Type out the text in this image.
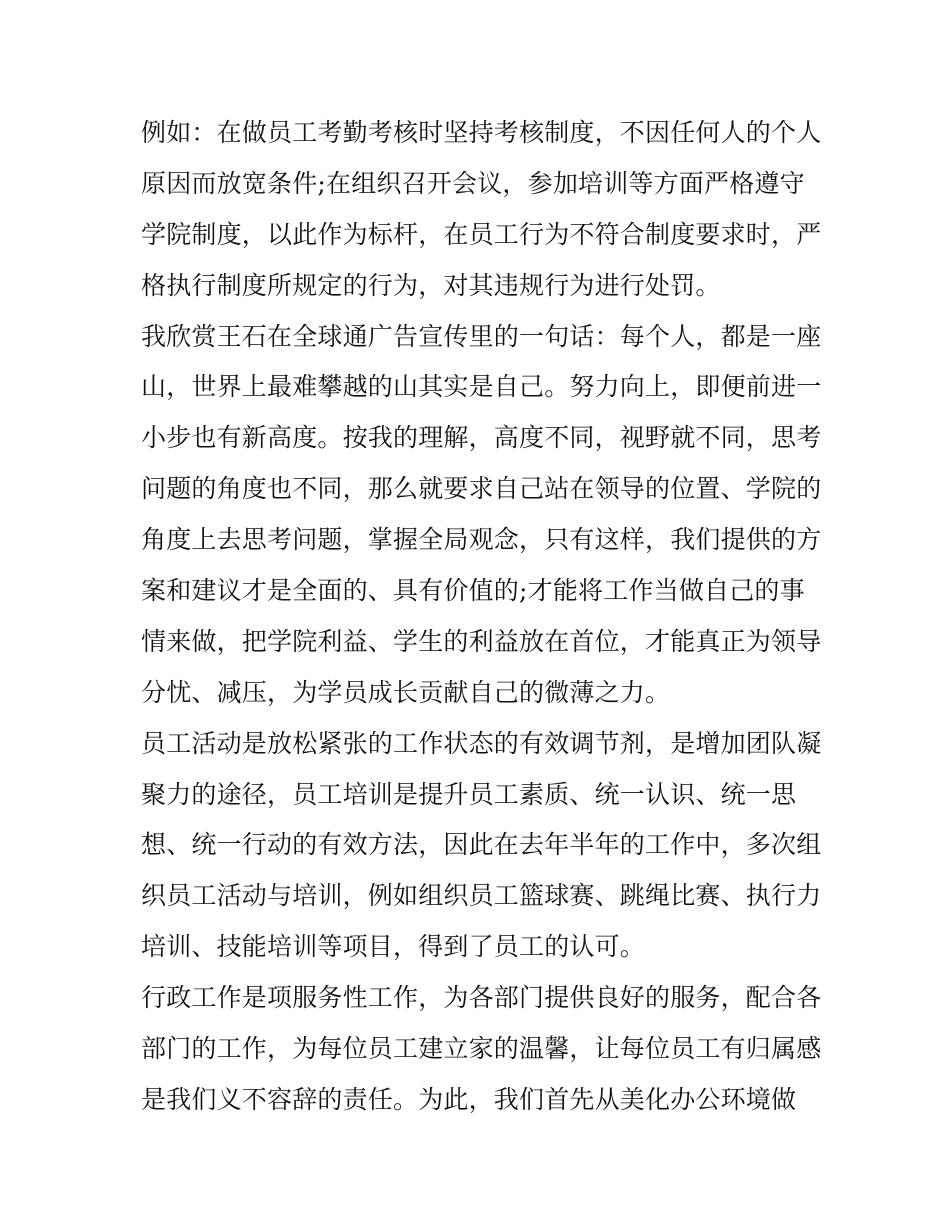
例如：在做员工考勤考核时坚持考核制度，不因任何人的个人
原因而放宽条件;在组织召开会议，参加培训等方面严格遵守
学院制度，以此作为标杆，在员工行为不符合制度要求时，严
格执行制度所规定的行为，对其违规行为进行处罚。
我欣赏王石在全球通广告宣传里的一句话：每个人，都是一座
山，世界上最难攀越的山其实是自己。努力向上，即便前进一
小步也有新高度。按我的理解，高度不同，视野就不同，思考
问题的角度也不同，那么就要求自己站在领导的位置、学院的
角度上去思考问题，掌握全局观念，只有这样，我们提供的方
案和建议才是全面的、具有价值的;才能将工作当做自己的事
情来做，把学院利益、学生的利益放在首位，才能真正为领导
分忧、减压，为学员成长贡献自己的微薄之力。
员工活动是放松紧张的工作状态的有效调节剂，是增加团队凝
聚力的途径，员工培训是提升员工素质、统一认识、统一思
想、统一行动的有效方法，因此在去年半年的工作中，多次组
织员工活动与培训，例如组织员工篮球赛、跳绳比赛、执行力
培训、技能培训等项目，得到了员工的认可。
行政工作是项服务性工作，为各部门提供良好的服务，配合各
部门的工作，为每位员工建立家的温馨，让每位员工有归属感
是我们义不容辞的责任。为此，我们首先从美化办公环境做
